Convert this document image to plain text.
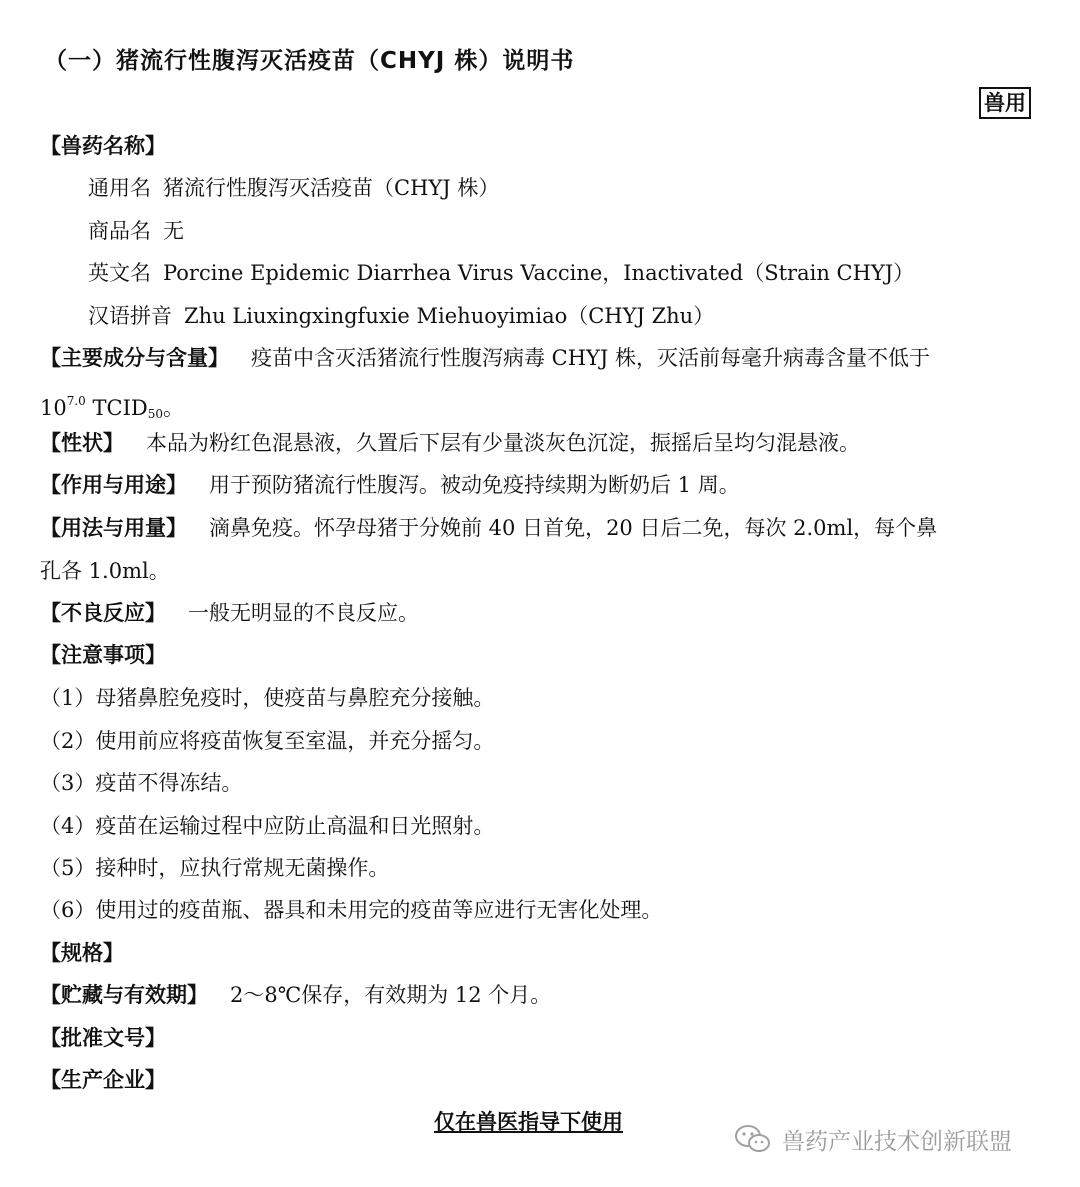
（一）猪流行性腹泻灭活疫苗（CHYJ 株）说明书
兽用
【兽药名称】
通用名 猪流行性腹泻灭活疫苗（CHYJ 株）
商品名 无
英文名 Porcine Epidemic Diarrhea Virus Vaccine，Inactivated（Strain CHYJ）
汉语拼音 Zhu Liuxingxingfuxie Miehuoyimiao（CHYJ Zhu）
【主要成分与含量】 疫苗中含灭活猪流行性腹泻病毒 CHYJ 株，灭活前每毫升病毒含量不低于
$10^{7.0}$ TCID50。
【性状】 本品为粉红色混悬液，久置后下层有少量淡灰色沉淀，振摇后呈均匀混悬液。
【作用与用途】 用于预防猪流行性腹泻。被动免疫持续期为断奶后 1 周。
【用法与用量】 滴鼻免疫。怀孕母猪于分娩前 40 日首免，20 日后二免，每次 2.0ml，每个鼻
孔各 1.0ml。
【不良反应】 一般无明显的不良反应。
【注意事项】
（1）母猪鼻腔免疫时，使疫苗与鼻腔充分接触。
（2）使用前应将疫苗恢复至室温，并充分摇匀。
（3）疫苗不得冻结。
（4）疫苗在运输过程中应防止高温和日光照射。
（5）接种时，应执行常规无菌操作。
（6）使用过的疫苗瓶、器具和未用完的疫苗等应进行无害化处理。
【规格】
【贮藏与有效期】 2～8℃保存，有效期为 12 个月。
【批准文号】
【生产企业】
仅在兽医指导下使用
兽药产业技术创新联盟
